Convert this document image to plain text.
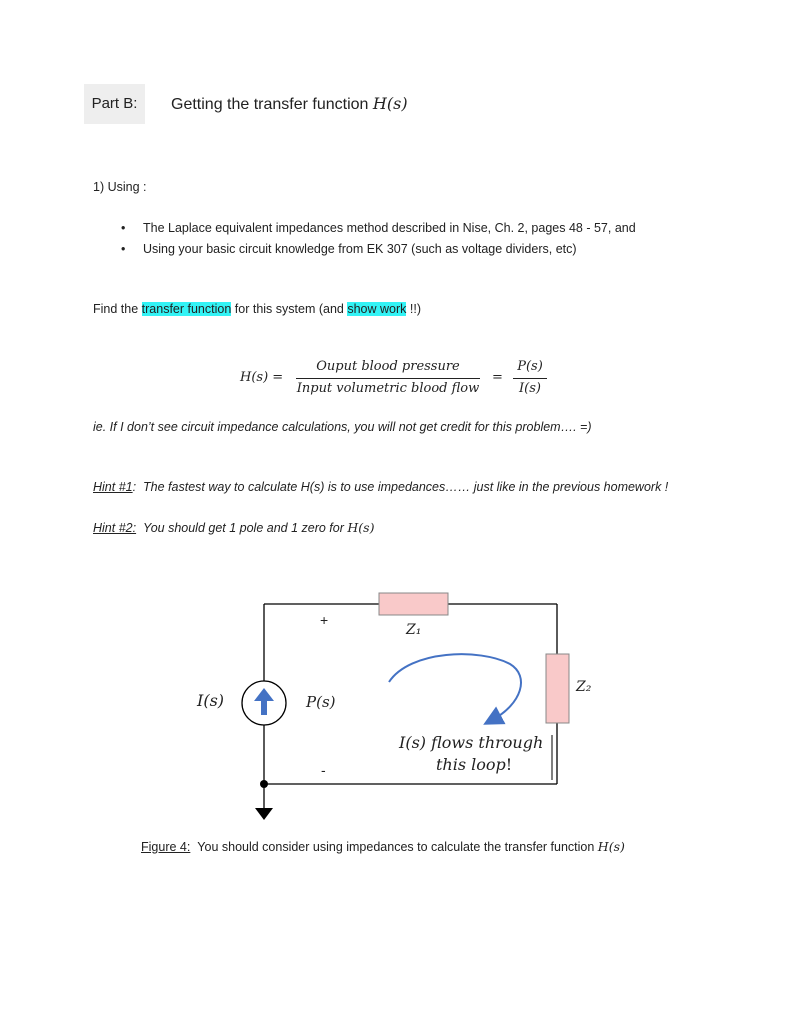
Part B:	Getting the transfer function H(s)
1) Using :
• The Laplace equivalent impedances method described in Nise, Ch. 2, pages 48 - 57, and
• Using your basic circuit knowledge from EK 307 (such as voltage dividers, etc)
Find the transfer function for this system (and show work !!)
H(s) =
Ouput blood pressure
Input volumetric blood flow
=
P(s)
I(s)
ie. If I don’t see circuit impedance calculations, you will not get credit for this problem…. =)
Hint #1: The fastest way to calculate H(s) is to use impedances…… just like in the previous homework !
Hint #2: You should get 1 pole and 1 zero for H(s)
I(s)	P(s)
+
-
Z₁
Z₂
I(s) flows through
this loop!
Figure 4: You should consider using impedances to calculate the transfer function H(s)
